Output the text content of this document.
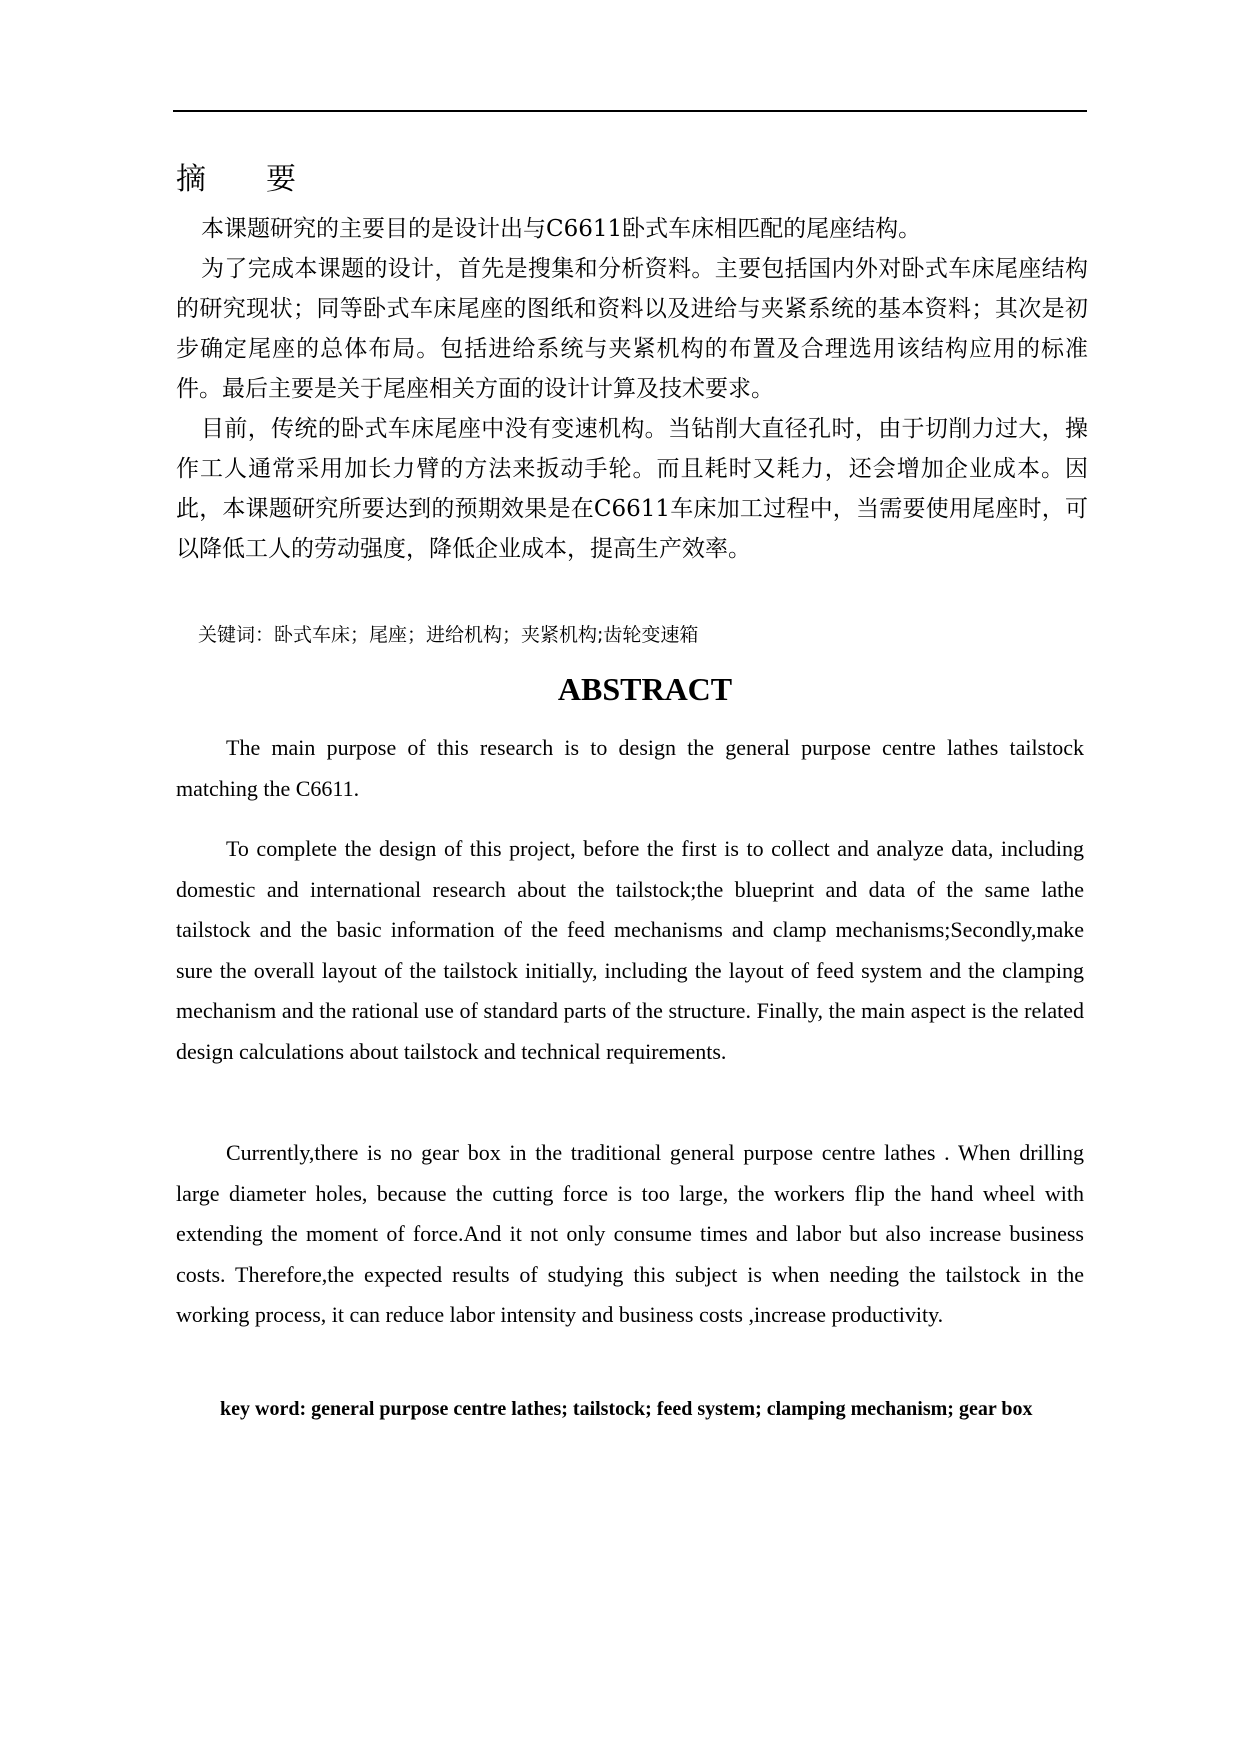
摘　　要

本课题研究的主要目的是设计出与C6611卧式车床相匹配的尾座结构。

为了完成本课题的设计，首先是搜集和分析资料。主要包括国内外对卧式车床尾座结构的研究现状；同等卧式车床尾座的图纸和资料以及进给与夹紧系统的基本资料；其次是初步确定尾座的总体布局。包括进给系统与夹紧机构的布置及合理选用该结构应用的标准件。最后主要是关于尾座相关方面的设计计算及技术要求。

目前，传统的卧式车床尾座中没有变速机构。当钻削大直径孔时，由于切削力过大，操作工人通常采用加长力臂的方法来扳动手轮。而且耗时又耗力，还会增加企业成本。因此，本课题研究所要达到的预期效果是在C6611车床加工过程中，当需要使用尾座时，可以降低工人的劳动强度，降低企业成本，提高生产效率。

关键词：卧式车床；尾座；进给机构；夹紧机构;齿轮变速箱
ABSTRACT

The main purpose of this research is to design the general purpose centre lathes tailstock matching the C6611.

To complete the design of this project, before the first is to collect and analyze data, including domestic and international research about the tailstock;the blueprint and data of the same lathe tailstock and the basic information of the feed mechanisms and clamp mechanisms;Secondly,make sure the overall layout of the tailstock initially, including the layout of feed system and the clamping mechanism and the rational use of standard parts of the structure. Finally, the main aspect is the related design calculations about tailstock and technical requirements.

Currently,there is no gear box in the traditional general purpose centre lathes . When drilling large diameter holes, because the cutting force is too large, the workers flip the hand wheel with extending the moment of force.And it not only consume times and labor but also increase business costs. Therefore,the expected results of studying this subject is when needing the tailstock in the working process, it can reduce labor intensity and business costs ,increase productivity.

key word: general purpose centre lathes; tailstock; feed system; clamping mechanism; gear box
